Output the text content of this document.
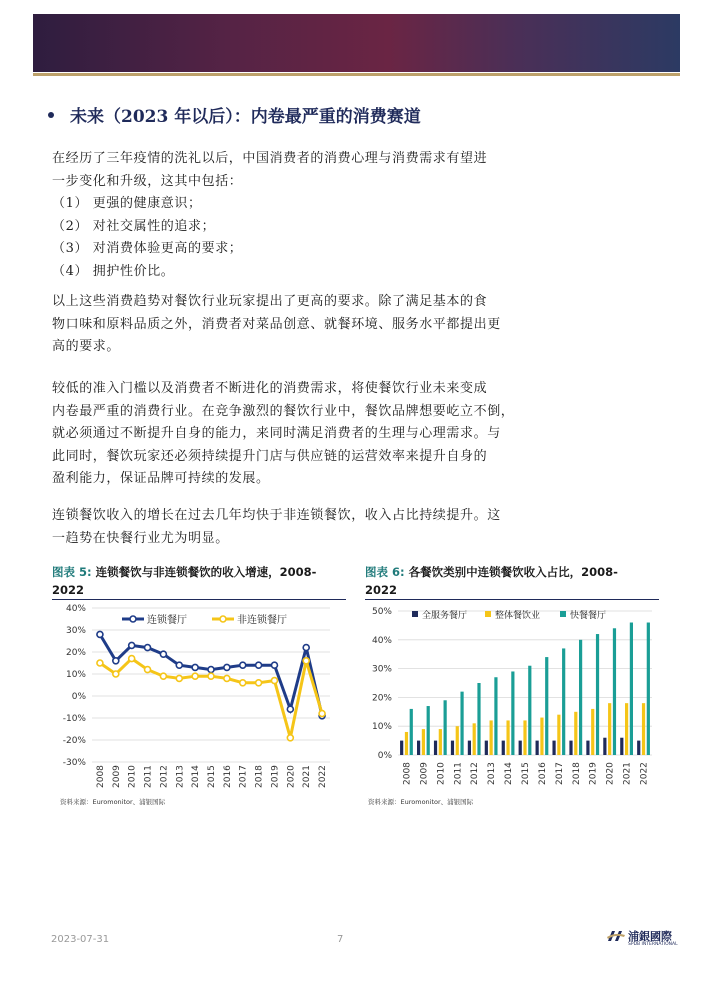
未来（2023 年以后）：内卷最严重的消费赛道
在经历了三年疫情的洗礼以后，中国消费者的消费心理与消费需求有望进
一步变化和升级，这其中包括：
（1） 更强的健康意识；
（2） 对社交属性的追求；
（3） 对消费体验更高的要求；
（4） 拥护性价比。
以上这些消费趋势对餐饮行业玩家提出了更高的要求。除了满足基本的食
物口味和原料品质之外，消费者对菜品创意、就餐环境、服务水平都提出更
高的要求。
较低的准入门槛以及消费者不断进化的消费需求，将使餐饮行业未来变成
内卷最严重的消费行业。在竞争激烈的餐饮行业中，餐饮品牌想要屹立不倒，
就必须通过不断提升自身的能力，来同时满足消费者的生理与心理需求。与
此同时，餐饮玩家还必须持续提升门店与供应链的运营效率来提升自身的
盈利能力，保证品牌可持续的发展。
连锁餐饮收入的增长在过去几年均快于非连锁餐饮，收入占比持续提升。这
一趋势在快餐行业尤为明显。
图表 5: 连锁餐饮与非连锁餐饮的收入增速，2008-
2022
40%
30%
20%
10%
0%
-10%
-20%
-30%
2008 2009 2010 2011 2012 2013 2014 2015 2016 2017 2018 2019 2020 2021 2022
连锁餐厅	非连锁餐厅
资料来源：Euromonitor、浦银国际
图表 6: 各餐饮类别中连锁餐饮收入占比，2008-
2022
50%
40%
30%
20%
10%
0%
2008 2009 2010 2011 2012 2013 2014 2015 2016 2017 2018 2019 2020 2021 2022
全服务餐厅	整体餐饮业	快餐餐厅
资料来源：Euromonitor、浦银国际
2023-07-31	7	浦銀國際
SPDB INTERNATIONAL
